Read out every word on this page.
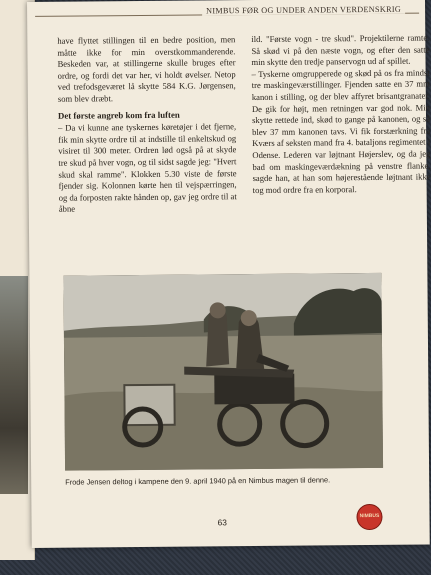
NIMBUS FØR OG UNDER ANDEN VERDENSKRIG

have flyttet stillingen til en bedre position, men måtte ikke for min overstkommanderende. Beskeden var, at stillingerne skulle bruges efter ordre, og fordi det var her, vi holdt øvelser. Netop ved trefodsgeværet lå skytte 584 K.G. Jørgensen, som blev dræbt.

Det første angreb kom fra luften

– Da vi kunne ane tyskernes køretøjer i det fjerne, fik min skytte ordre til at indstille til enkeltskud og visiret til 300 meter. Ordren lød også på at skyde tre skud på hver vogn, og til sidst sagde jeg: "Hvert skud skal ramme". Klokken 5.30 viste de første fjender sig. Kolonnen kørte hen til vejspærringen, og da forposten rakte hånden op, gav jeg ordre til at åbne

ild. "Første vogn - tre skud". Projektilerne ramte. Så skød vi på den næste vogn, og efter den satte min skytte den tredje panservogn ud af spillet.

– Tyskerne omgrupperede og skød på os fra mindst tre maskingeværstillinger. Fjenden satte en 37 mm kanon i stilling, og der blev affyret brisantgranater. De gik for højt, men retningen var god nok. Min skytte rettede ind, skød to gange på kanonen, og så blev 37 mm kanonen tavs. Vi fik forstærkning fra Kværs af seksten mand fra 4. bataljons regimentet i Odense. Lederen var løjtnant Højerslev, og da jeg bad om maskingeværdækning på venstre flanke, sagde han, at han som højerestående løjtnant ikke tog mod ordre fra en korporal.

Frode Jensen deltog i kampene den 9. april 1940 på en Nimbus magen til denne.
63
NIMBUS
